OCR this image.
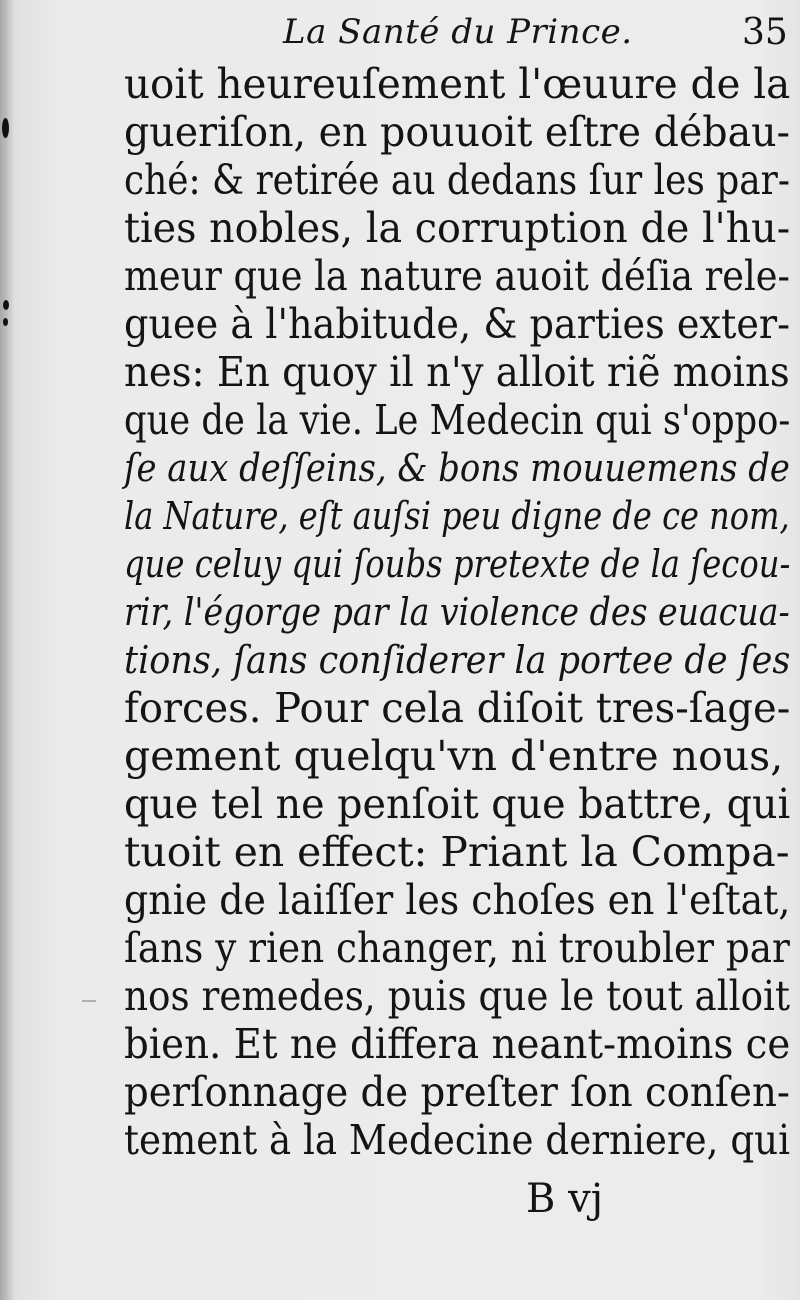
La Santé du Prince.	35
uoit heureuſement l'œuure de la
gueriſon, en pouuoit eſtre débau-
ché: & retirée au dedans ſur les par-
ties nobles, la corruption de l'hu-
meur que la nature auoit déſia rele-
guee à l'habitude, & parties exter-
nes: En quoy il n'y alloit riẽ moins
que de la vie. Le Medecin qui s'oppo-
ſe aux deſſeins, & bons mouuemens de
la Nature, eſt auſsi peu digne de ce nom,
que celuy qui ſoubs pretexte de la ſecou-
rir, l'égorge par la violence des euacua-
tions, ſans conſiderer la portee de ſes
forces. Pour cela diſoit tres-ſage-
gement quelqu'vn d'entre nous,
que tel ne penſoit que battre, qui
tuoit en effect: Priant la Compa-
gnie de laiſſer les choſes en l'eſtat,
ſans y rien changer, ni troubler par
nos remedes, puis que le tout alloit
bien. Et ne differa neant-moins ce
perſonnage de preſter ſon conſen-
tement à la Medecine derniere, qui
B vj
